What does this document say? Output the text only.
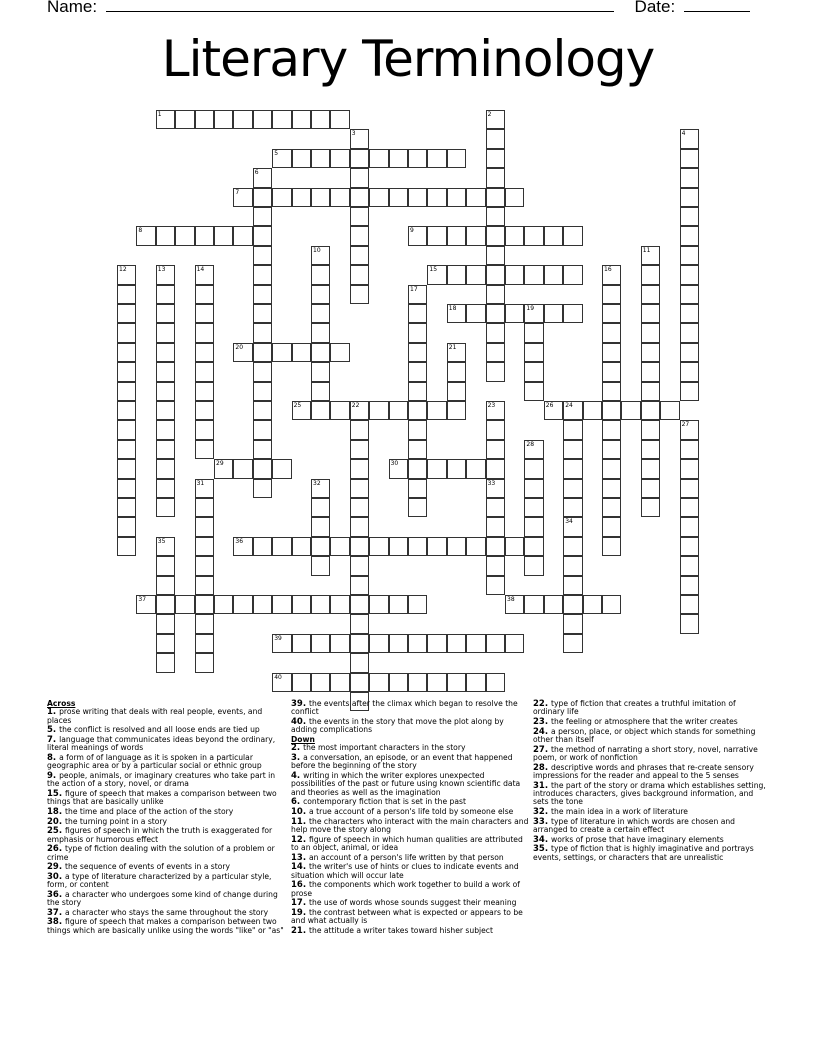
Name:	Date:
Literary Terminology
1
5
7
8	9
15
18	19
20
25	22	26 24
29	30
36
37	38
39
40
2
3	4
6
10	11
12	13	14	16
17
21
23
27
28
31	32	33
34
35
Across
1. prose writing that deals with real people, events, and places
5. the conflict is resolved and all loose ends are tied up
7. language that communicates ideas beyond the ordinary, literal meanings of words
8. a form of of language as it is spoken in a particular geographic area or by a particular social or ethnic group
9. people, animals, or imaginary creatures who take part in the action of a story, novel, or drama
15. figure of speech that makes a comparison between two things that are basically unlike
18. the time and place of the action of the story
20. the turning point in a story
25. figures of speech in which the truth is exaggerated for emphasis or humorous effect
26. type of fiction dealing with the solution of a problem or crime
29. the sequence of events of events in a story
30. a type of literature characterized by a particular style, form, or content
36. a character who undergoes some kind of change during the story
37. a character who stays the same throughout the story
38. figure of speech that makes a comparison between two things which are basically unlike using the words "like" or "as"
39. the events after the climax which began to resolve the conflict
40. the events in the story that move the plot along by adding complications
Down
2. the most important characters in the story
3. a conversation, an episode, or an event that happened before the beginning of the story
4. writing in which the writer explores unexpected possibilities of the past or future using known scientific data and theories as well as the imagination
6. contemporary fiction that is set in the past
10. a true account of a person's life told by someone else
11. the characters who interact with the main characters and help move the story along
12. figure of speech in which human qualities are attributed to an object, animal, or idea
13. an account of a person's life written by that person
14. the writer's use of hints or clues to indicate events and situation which will occur late
16. the components which work together to build a work of prose
17. the use of words whose sounds suggest their meaning
19. the contrast between what is expected or appears to be and what actually is
21. the attitude a writer takes toward hisher subject
22. type of fiction that creates a truthful imitation of ordinary life
23. the feeling or atmosphere that the writer creates
24. a person, place, or object which stands for something other than itself
27. the method of narrating a short story, novel, narrative poem, or work of nonfiction
28. descriptive words and phrases that re-create sensory impressions for the reader and appeal to the 5 senses
31. the part of the story or drama which establishes setting, introduces characters, gives background information, and sets the tone
32. the main idea in a work of literature
33. type of literature in which words are chosen and arranged to create a certain effect
34. works of prose that have imaginary elements
35. type of fiction that is highly imaginative and portrays events, settings, or characters that are unrealistic
